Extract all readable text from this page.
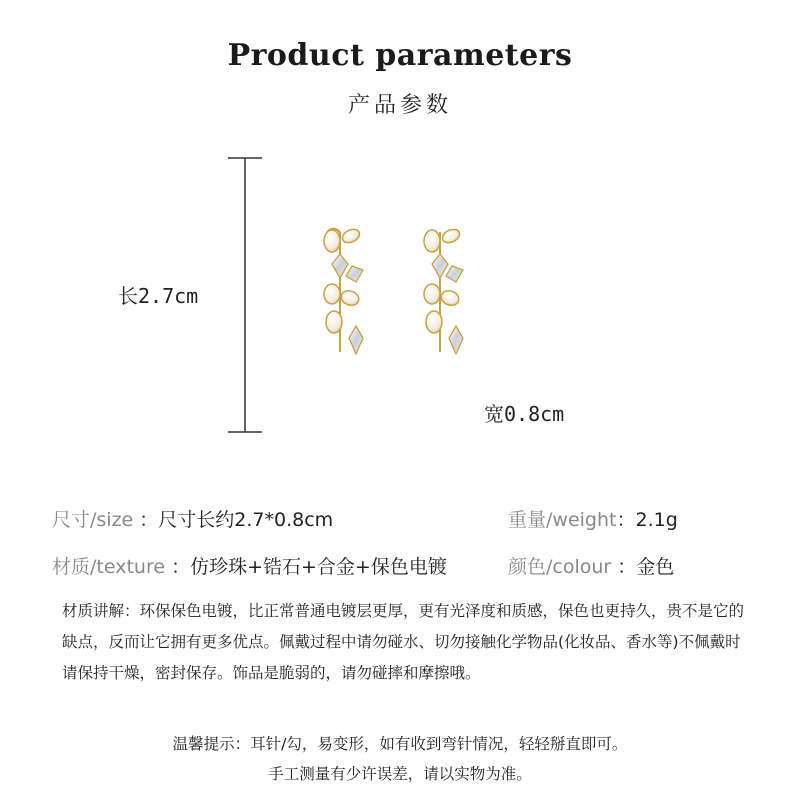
Product parameters
产品参数
长2.7cm
宽0.8cm
尺寸/size ：尺寸长约2.7*0.8cm	重量/weight：2.1g
材质/texture ：仿珍珠+锆石+合金+保色电镀	颜色/colour ：金色
材质讲解：环保保色电镀，比正常普通电镀层更厚，更有光泽度和质感，保色也更持久，贵不是它的缺点，反而让它拥有更多优点。佩戴过程中请勿碰水、切勿接触化学物品(化妆品、香水等)不佩戴时请保持干燥，密封保存。饰品是脆弱的，请勿碰摔和摩擦哦。
温馨提示：耳针/勾，易变形，如有收到弯针情况，轻轻掰直即可。
手工测量有少许误差，请以实物为准。
